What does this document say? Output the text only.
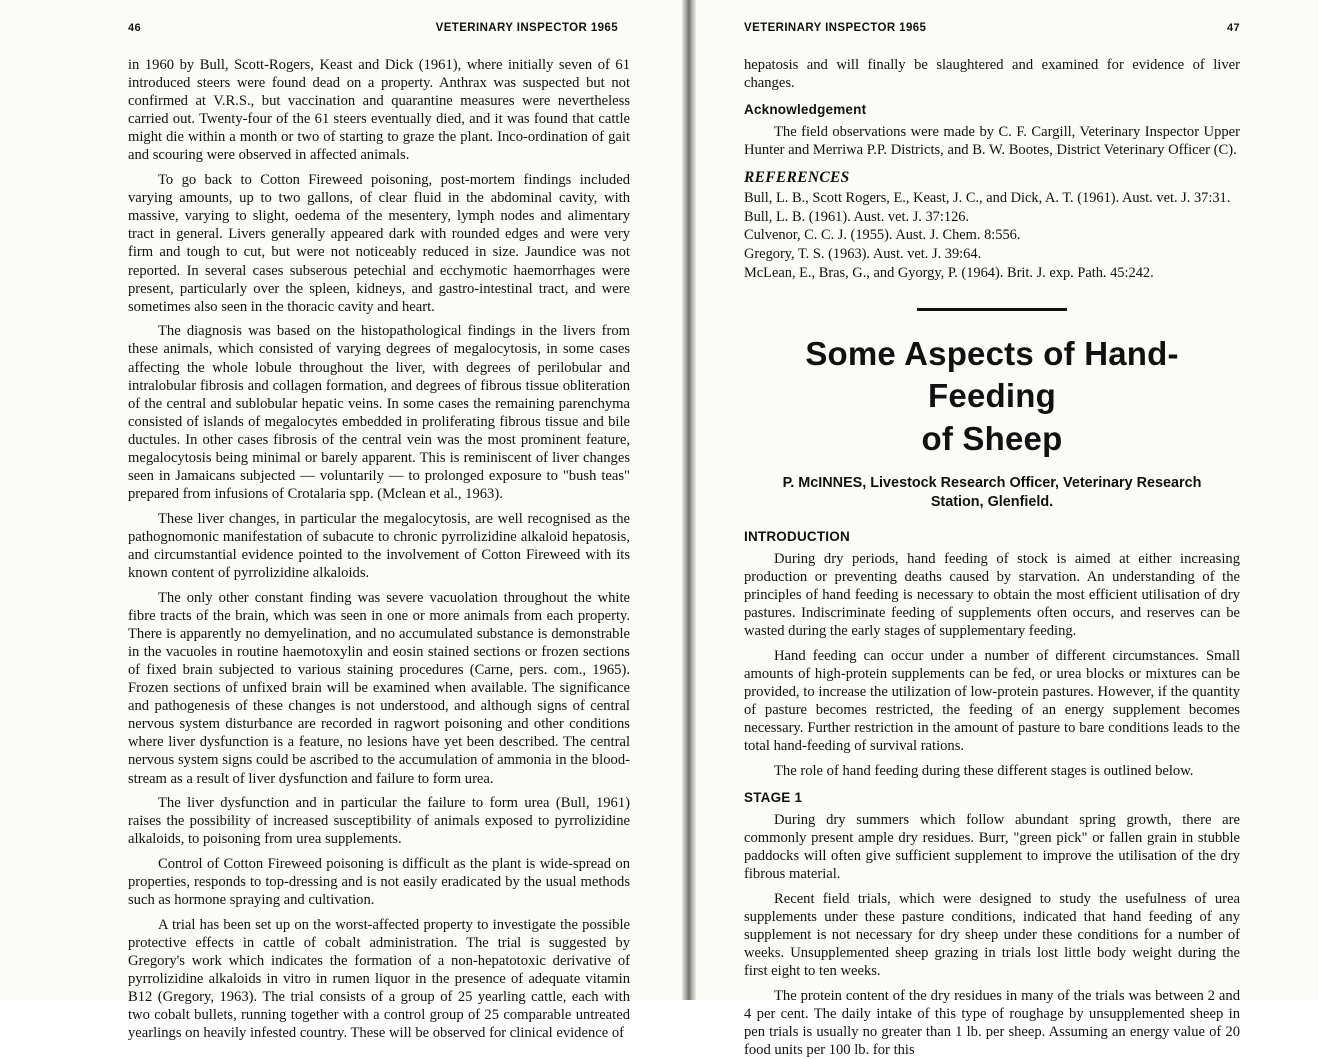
46	VETERINARY INSPECTOR 1965

in 1960 by Bull, Scott-Rogers, Keast and Dick (1961), where initially seven of 61 introduced steers were found dead on a property. Anthrax was suspected but not confirmed at V.R.S., but vaccination and quarantine measures were nevertheless carried out. Twenty-four of the 61 steers eventually died, and it was found that cattle might die within a month or two of starting to graze the plant. Inco-ordination of gait and scouring were observed in affected animals.

To go back to Cotton Fireweed poisoning, post-mortem findings included varying amounts, up to two gallons, of clear fluid in the abdominal cavity, with massive, varying to slight, oedema of the mesentery, lymph nodes and alimentary tract in general. Livers generally appeared dark with rounded edges and were very firm and tough to cut, but were not noticeably reduced in size. Jaundice was not reported. In several cases subserous petechial and ecchymotic haemorrhages were present, particularly over the spleen, kidneys, and gastro-intestinal tract, and were sometimes also seen in the thoracic cavity and heart.

The diagnosis was based on the histopathological findings in the livers from these animals, which consisted of varying degrees of megalocytosis, in some cases affecting the whole lobule throughout the liver, with degrees of perilobular and intralobular fibrosis and collagen formation, and degrees of fibrous tissue obliteration of the central and sublobular hepatic veins. In some cases the remaining parenchyma consisted of islands of megalocytes embedded in proliferating fibrous tissue and bile ductules. In other cases fibrosis of the central vein was the most prominent feature, megalocytosis being minimal or barely apparent. This is reminiscent of liver changes seen in Jamaicans subjected — voluntarily — to prolonged exposure to "bush teas" prepared from infusions of Crotalaria spp. (Mclean et al., 1963).

These liver changes, in particular the megalocytosis, are well recognised as the pathognomonic manifestation of subacute to chronic pyrrolizidine alkaloid hepatosis, and circumstantial evidence pointed to the involvement of Cotton Fireweed with its known content of pyrrolizidine alkaloids.

The only other constant finding was severe vacuolation throughout the white fibre tracts of the brain, which was seen in one or more animals from each property. There is apparently no demyelination, and no accumulated substance is demonstrable in the vacuoles in routine haemotoxylin and eosin stained sections or frozen sections of fixed brain subjected to various staining procedures (Carne, pers. com., 1965). Frozen sections of unfixed brain will be examined when available. The significance and pathogenesis of these changes is not understood, and although signs of central nervous system disturbance are recorded in ragwort poisoning and other conditions where liver dysfunction is a feature, no lesions have yet been described. The central nervous system signs could be ascribed to the accumulation of ammonia in the blood-stream as a result of liver dysfunction and failure to form urea.

The liver dysfunction and in particular the failure to form urea (Bull, 1961) raises the possibility of increased susceptibility of animals exposed to pyrrolizidine alkaloids, to poisoning from urea supplements.

Control of Cotton Fireweed poisoning is difficult as the plant is wide-spread on properties, responds to top-dressing and is not easily eradicated by the usual methods such as hormone spraying and cultivation.

A trial has been set up on the worst-affected property to investigate the possible protective effects in cattle of cobalt administration. The trial is suggested by Gregory's work which indicates the formation of a non-hepatotoxic derivative of pyrrolizidine alkaloids in vitro in rumen liquor in the presence of adequate vitamin B12 (Gregory, 1963). The trial consists of a group of 25 yearling cattle, each with two cobalt bullets, running together with a control group of 25 comparable untreated yearlings on heavily infested country. These will be observed for clinical evidence of

VETERINARY INSPECTOR 1965	47

hepatosis and will finally be slaughtered and examined for evidence of liver changes.

Acknowledgement

The field observations were made by C. F. Cargill, Veterinary Inspector Upper Hunter and Merriwa P.P. Districts, and B. W. Bootes, District Veterinary Officer (C).

REFERENCES
Bull, L. B., Scott Rogers, E., Keast, J. C., and Dick, A. T. (1961). Aust. vet. J. 37:31.
Bull, L. B. (1961). Aust. vet. J. 37:126.
Culvenor, C. C. J. (1955). Aust. J. Chem. 8:556.
Gregory, T. S. (1963). Aust. vet. J. 39:64.
McLean, E., Bras, G., and Gyorgy, P. (1964). Brit. J. exp. Path. 45:242.
Some Aspects of Hand-Feeding
of Sheep
P. McINNES, Livestock Research Officer, Veterinary Research
Station, Glenfield.
INTRODUCTION

During dry periods, hand feeding of stock is aimed at either increasing production or preventing deaths caused by starvation. An understanding of the principles of hand feeding is necessary to obtain the most efficient utilisation of dry pastures. Indiscriminate feeding of supplements often occurs, and reserves can be wasted during the early stages of supplementary feeding.

Hand feeding can occur under a number of different circumstances. Small amounts of high-protein supplements can be fed, or urea blocks or mixtures can be provided, to increase the utilization of low-protein pastures. However, if the quantity of pasture becomes restricted, the feeding of an energy supplement becomes necessary. Further restriction in the amount of pasture to bare conditions leads to the total hand-feeding of survival rations.

The role of hand feeding during these different stages is outlined below.

STAGE 1

During dry summers which follow abundant spring growth, there are commonly present ample dry residues. Burr, "green pick" or fallen grain in stubble paddocks will often give sufficient supplement to improve the utilisation of the dry fibrous material.

Recent field trials, which were designed to study the usefulness of urea supplements under these pasture conditions, indicated that hand feeding of any supplement is not necessary for dry sheep under these conditions for a number of weeks. Unsupplemented sheep grazing in trials lost little body weight during the first eight to ten weeks.

The protein content of the dry residues in many of the trials was between 2 and 4 per cent. The daily intake of this type of roughage by unsupplemented sheep in pen trials is usually no greater than 1 lb. per sheep. Assuming an energy value of 20 food units per 100 lb. for this
